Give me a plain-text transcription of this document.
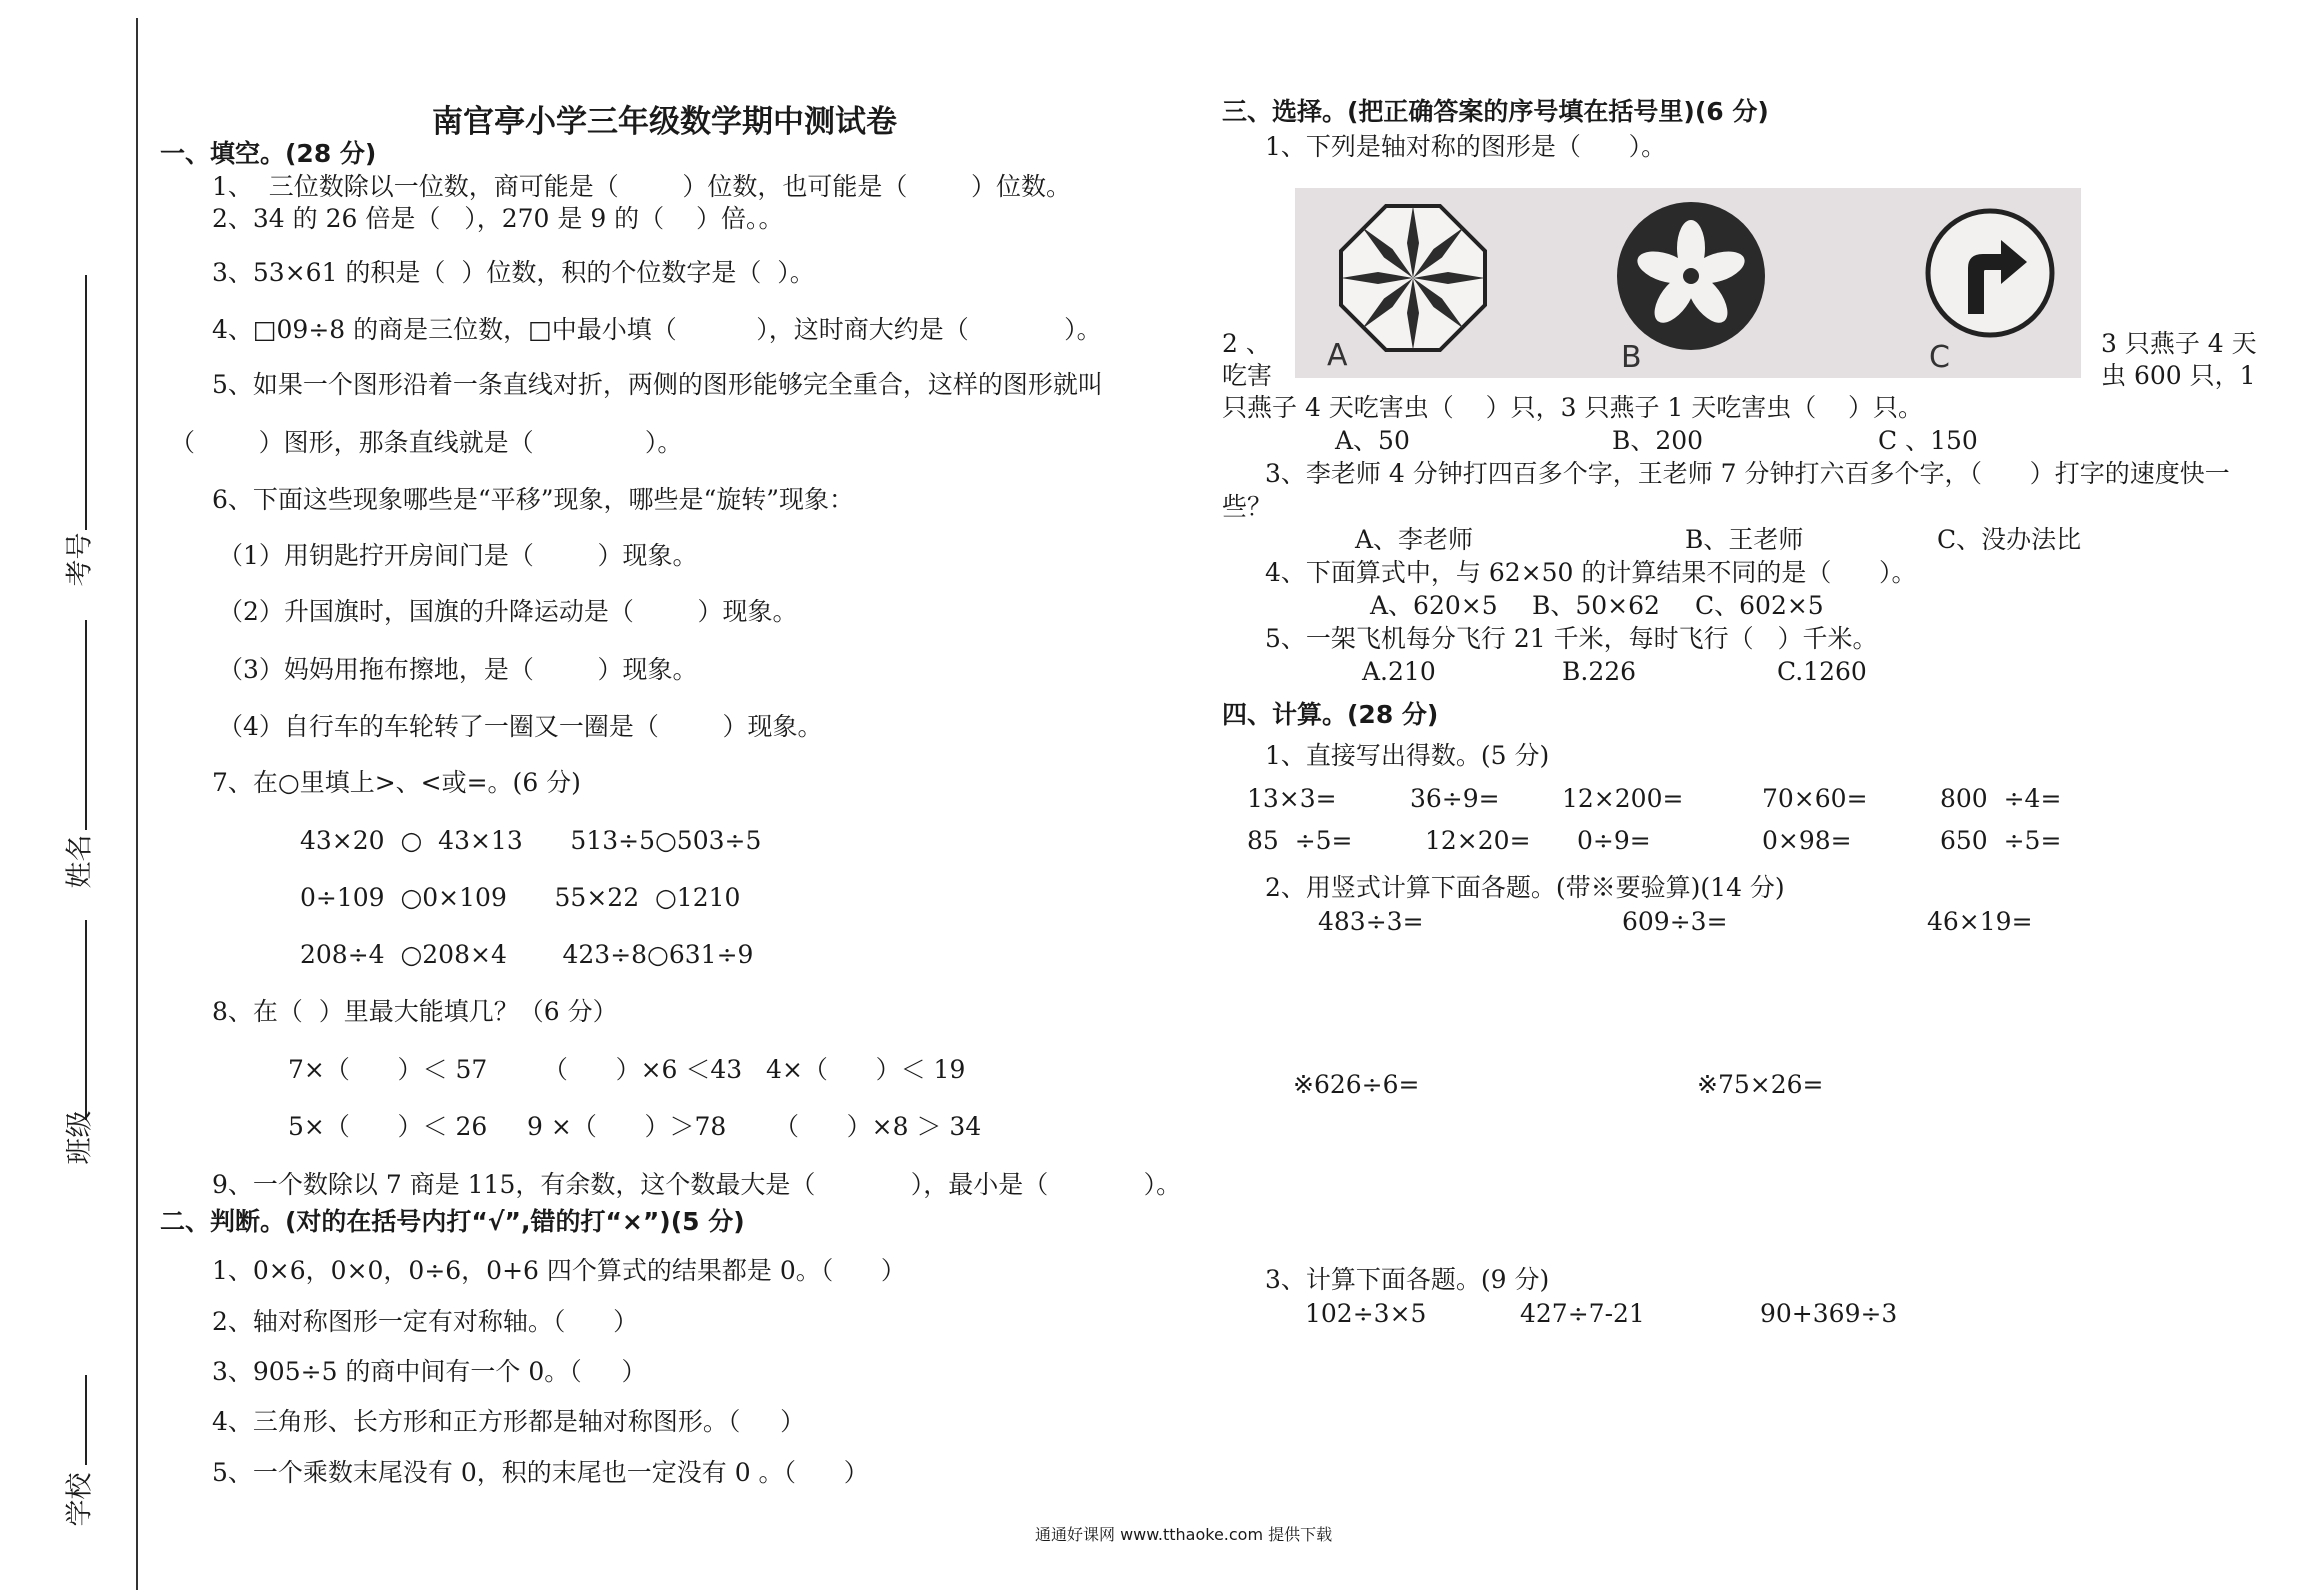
考号
姓名
班级
学校
南官亭小学三年级数学期中测试卷
一、填空。(28 分)
1、  三位数除以一位数，商可能是（        ）位数，也可能是（        ）位数。
2、34 的 26 倍是（   ），270 是 9 的（    ）倍。。
3、53×61 的积是（  ）位数，积的个位数字是（  ）。
4、□09÷8 的商是三位数，□中最小填（          ），这时商大约是（            ）。
5、如果一个图形沿着一条直线对折，两侧的图形能够完全重合，这样的图形就叫
（        ）图形，那条直线就是（              ）。
6、下面这些现象哪些是“平移”现象，哪些是“旋转”现象：
（1）用钥匙拧开房间门是（        ）现象。
（2）升国旗时，国旗的升降运动是（        ）现象。
（3）妈妈用拖布擦地，是（        ）现象。
（4）自行车的车轮转了一圈又一圈是（        ）现象。
7、在○里填上>、<或=。(6 分)
43×20  ○  43×13      513÷5○503÷5
0÷109  ○0×109      55×22  ○1210
208÷4  ○208×4       423÷8○631÷9
8、在（  ）里最大能填几？（6 分）
7×（      ）＜ 57       （      ）×6 ＜43   4×（      ）＜ 19
5×（      ）＜ 26     9 ×（      ）＞78      （      ）×8 ＞ 34
9、一个数除以 7 商是 115，有余数，这个数最大是（            ），最小是（            ）。
二、判断。(对的在括号内打“√”,错的打“×”)(5 分)
1、0×6，0×0，0÷6，0+6 四个算式的结果都是 0。（      ）
2、轴对称图形一定有对称轴。（      ）
3、905÷5 的商中间有一个 0。（     ）
4、三角形、长方形和正方形都是轴对称图形。（     ）
5、一个乘数末尾没有 0，积的末尾也一定没有 0 。（      ）
三、选择。(把正确答案的序号填在括号里)(6 分)
1、下列是轴对称的图形是（      ）。
A	B	C
2 、
吃害
3 只燕子 4 天
虫 600 只，1
只燕子 4 天吃害虫（    ）只，3 只燕子 1 天吃害虫（    ）只。
A、50	B、200	C 、150
3、李老师 4 分钟打四百多个字，王老师 7 分钟打六百多个字，（      ）打字的速度快一
些？
A、李老师	B、王老师	C、没办法比
4、下面算式中，与 62×50 的计算结果不同的是（      ）。
A、620×5 B、50×62 C、602×5
5、一架飞机每分飞行 21 千米，每时飞行（   ）千米。
A.210	B.226	C.1260
四、计算。(28 分)
1、直接写出得数。(5 分)
13×3=	36÷9= 12×200=	70×60=	800  ÷4=
85  ÷5=	12×20= 0÷9=	0×98=	650  ÷5=
2、用竖式计算下面各题。(带※要验算)(14 分)
483÷3=	609÷3=	46×19=
※626÷6=	※75×26=
3、计算下面各题。(9 分)
102÷3×5	427÷7-21	90+369÷3
通通好课网 www.tthaoke.com 提供下载
